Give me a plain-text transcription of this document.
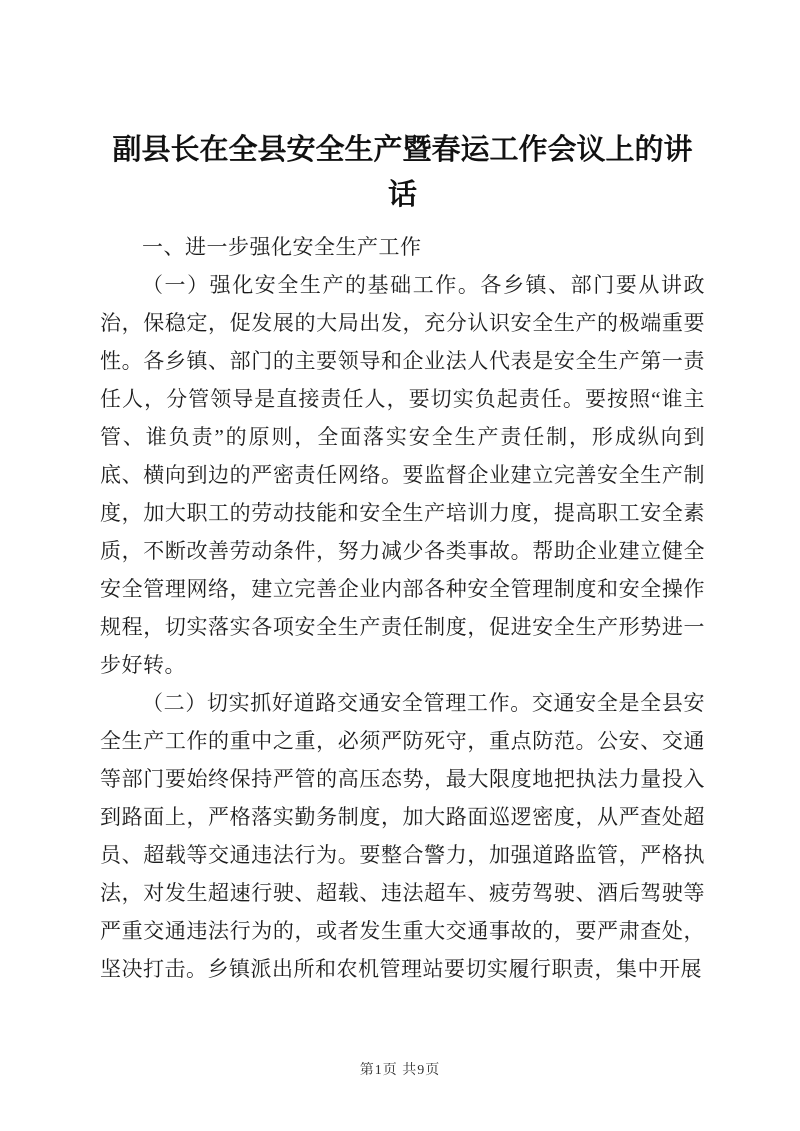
副县长在全县安全生产暨春运工作会议上的讲话

一、进一步强化安全生产工作

（一）强化安全生产的基础工作。各乡镇、部门要从讲政治，保稳定，促发展的大局出发，充分认识安全生产的极端重要性。各乡镇、部门的主要领导和企业法人代表是安全生产第一责任人，分管领导是直接责任人，要切实负起责任。要按照“谁主管、谁负责”的原则，全面落实安全生产责任制，形成纵向到底、横向到边的严密责任网络。要监督企业建立完善安全生产制度，加大职工的劳动技能和安全生产培训力度，提高职工安全素质，不断改善劳动条件，努力减少各类事故。帮助企业建立健全安全管理网络，建立完善企业内部各种安全管理制度和安全操作规程，切实落实各项安全生产责任制度，促进安全生产形势进一步好转。

（二）切实抓好道路交通安全管理工作。交通安全是全县安全生产工作的重中之重，必须严防死守，重点防范。公安、交通等部门要始终保持严管的高压态势，最大限度地把执法力量投入到路面上，严格落实勤务制度，加大路面巡逻密度，从严查处超员、超载等交通违法行为。要整合警力，加强道路监管，严格执法，对发生超速行驶、超载、违法超车、疲劳驾驶、酒后驾驶等严重交通违法行为的，或者发生重大交通事故的，要严肃查处，坚决打击。乡镇派出所和农机管理站要切实履行职责，集中开展

第1页 共9页
